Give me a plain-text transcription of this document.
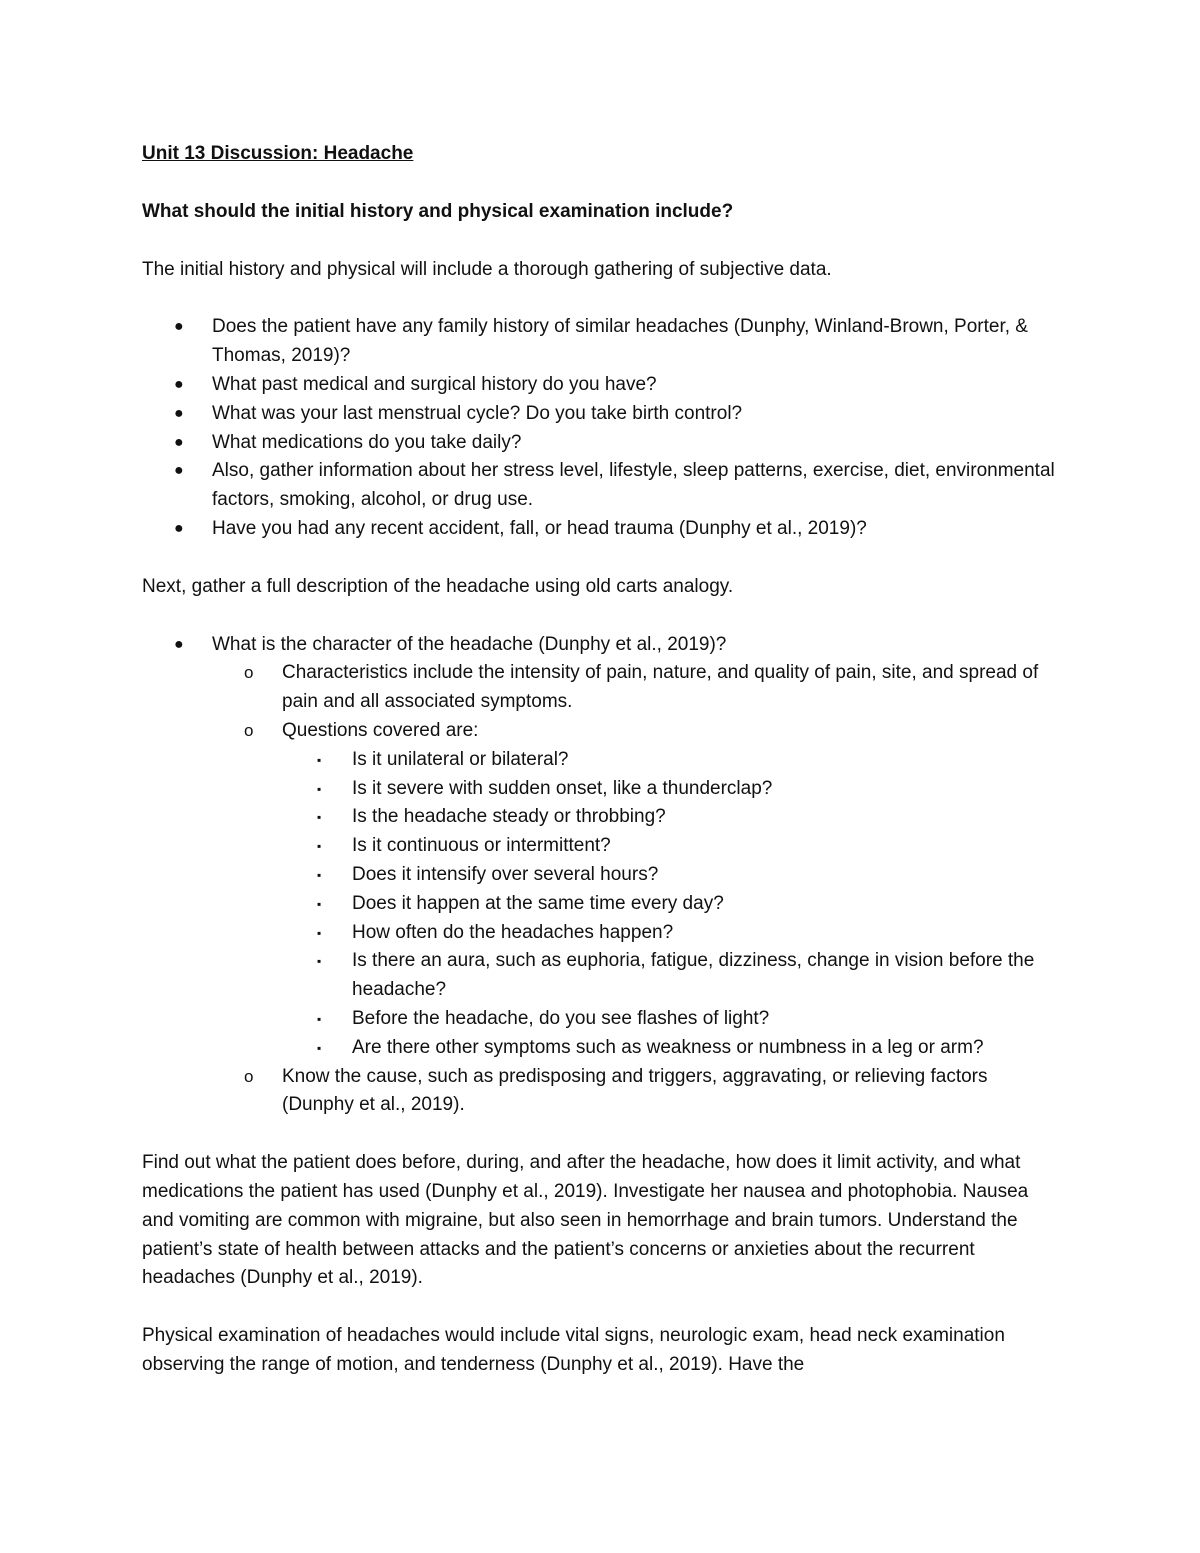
Unit 13 Discussion: Headache
What should the initial history and physical examination include?

The initial history and physical will include a thorough gathering of subjective data.

● Does the patient have any family history of similar headaches (Dunphy, Winland-Brown, Porter, & Thomas, 2019)?
● What past medical and surgical history do you have?
● What was your last menstrual cycle? Do you take birth control?
● What medications do you take daily?
● Also, gather information about her stress level, lifestyle, sleep patterns, exercise, diet, environmental factors, smoking, alcohol, or drug use.
● Have you had any recent accident, fall, or head trauma (Dunphy et al., 2019)?

Next, gather a full description of the headache using old carts analogy.

● What is the character of the headache (Dunphy et al., 2019)?
o Characteristics include the intensity of pain, nature, and quality of pain, site, and spread of pain and all associated symptoms.
o Questions covered are:
▪ Is it unilateral or bilateral?
▪ Is it severe with sudden onset, like a thunderclap?
▪ Is the headache steady or throbbing?
▪ Is it continuous or intermittent?
▪ Does it intensify over several hours?
▪ Does it happen at the same time every day?
▪ How often do the headaches happen?
▪ Is there an aura, such as euphoria, fatigue, dizziness, change in vision before the headache?
▪ Before the headache, do you see flashes of light?
▪ Are there other symptoms such as weakness or numbness in a leg or arm?
o Know the cause, such as predisposing and triggers, aggravating, or relieving factors (Dunphy et al., 2019).

Find out what the patient does before, during, and after the headache, how does it limit activity, and what medications the patient has used (Dunphy et al., 2019). Investigate her nausea and photophobia. Nausea and vomiting are common with migraine, but also seen in hemorrhage and brain tumors. Understand the patient’s state of health between attacks and the patient’s concerns or anxieties about the recurrent headaches (Dunphy et al., 2019).

Physical examination of headaches would include vital signs, neurologic exam, head neck examination observing the range of motion, and tenderness (Dunphy et al., 2019). Have the
